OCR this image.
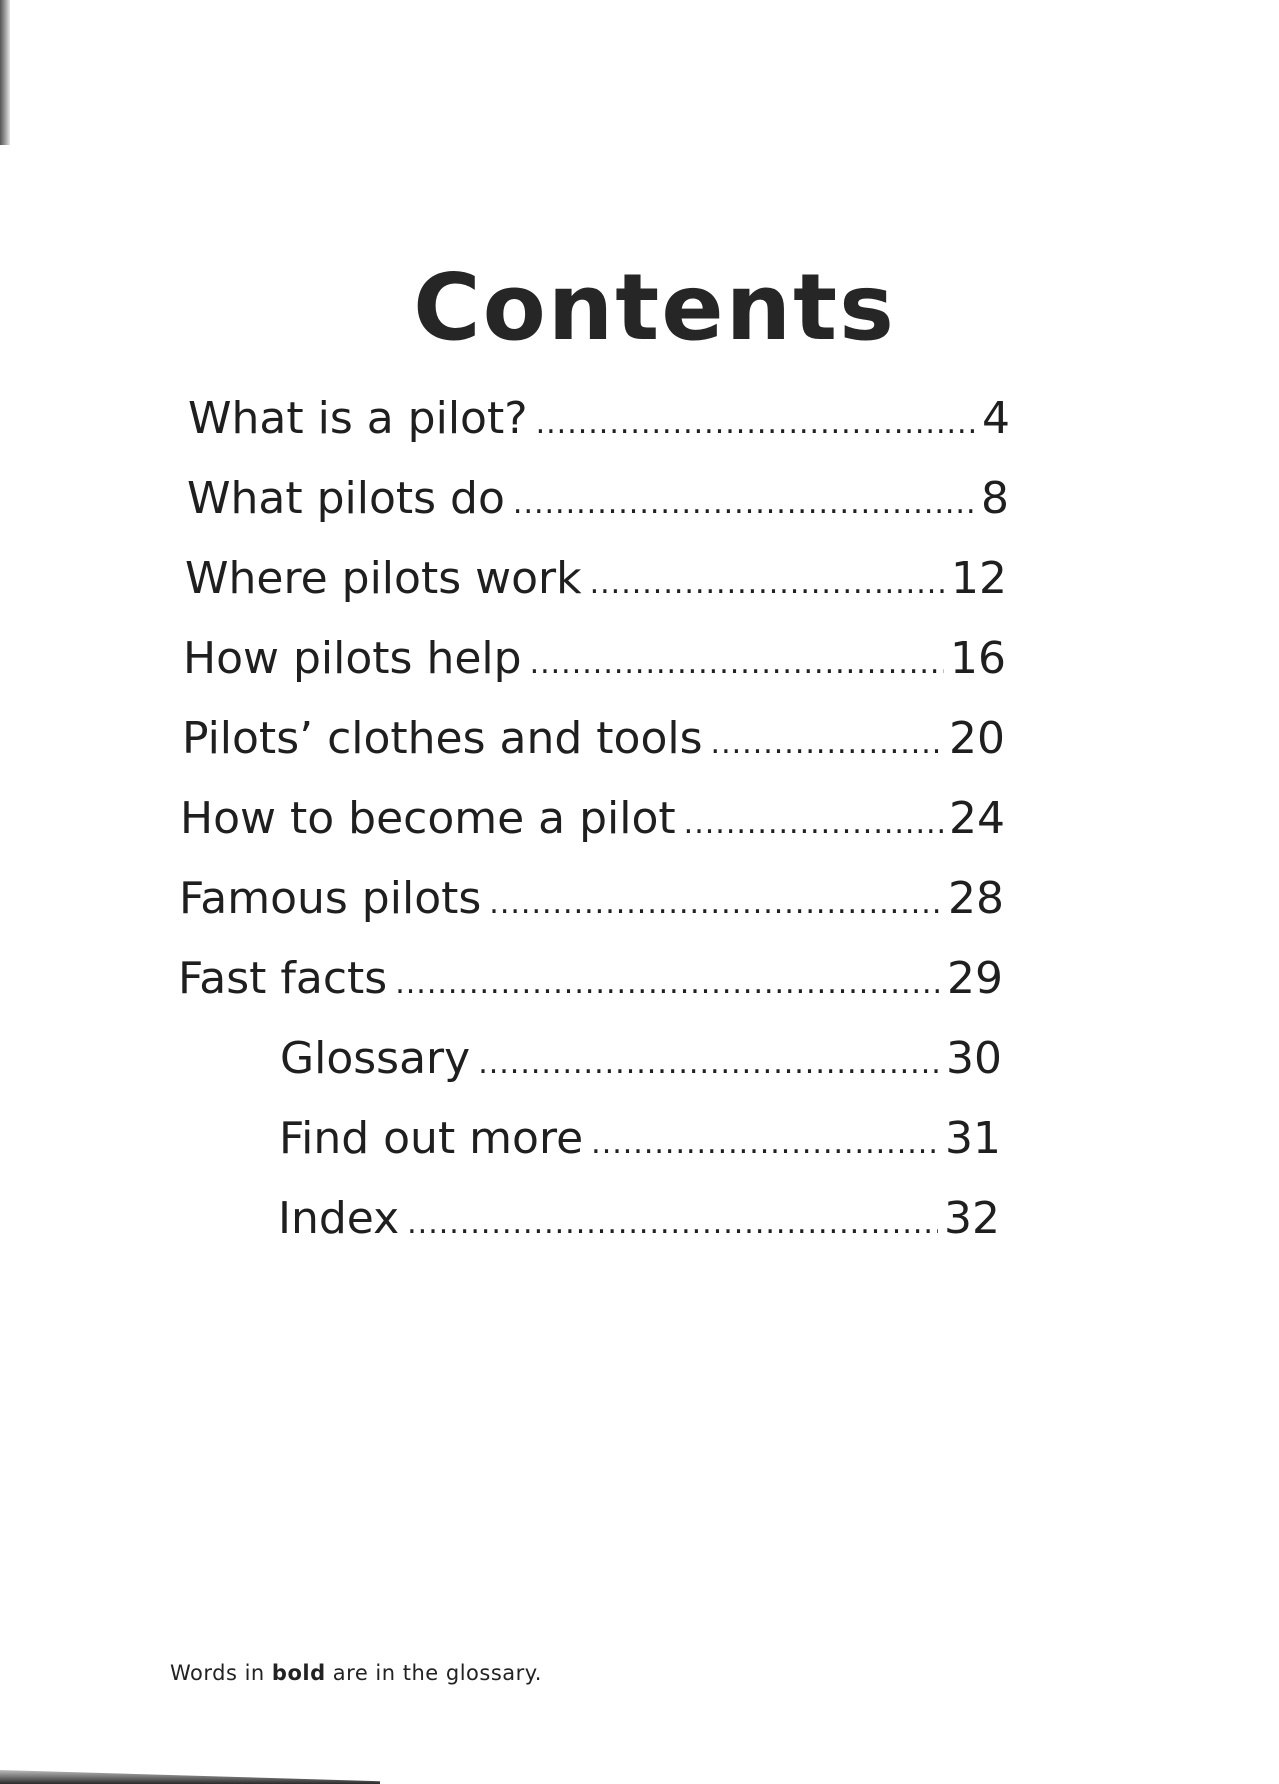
Contents
What is a pilot? .....	4
What pilots do .....	8
Where pilots work .....	12
How pilots help .....	16
Pilots’ clothes and tools .....	20
How to become a pilot .....	24
Famous pilots .....	28
Fast facts .....	29
Glossary .....	30
Find out more .....	31
Index .....	32

Words in bold are in the glossary.
